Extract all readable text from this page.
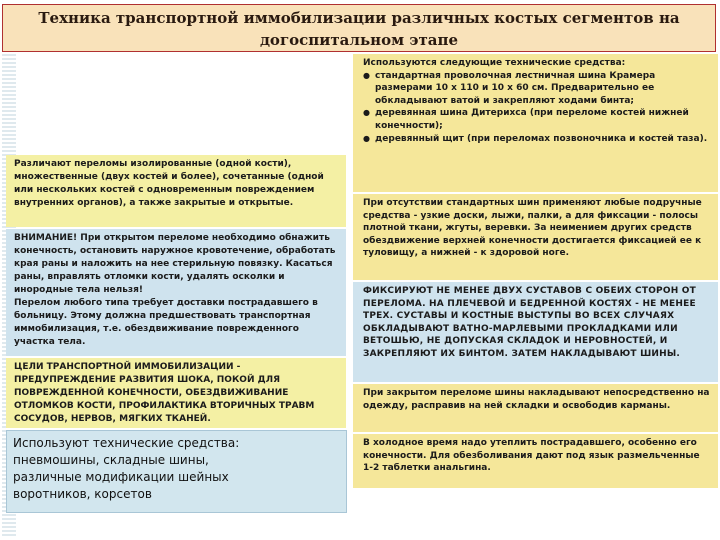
Техника транспортной иммобилизации различных костых сегментов на
догоспитальном этапе
Различают переломы изолированные (одной кости), множественные (двух костей и более), сочетанные (одной или нескольких костей с одновременным повреждением внутренних органов), а также закрытые и открытые.
ВНИМАНИЕ! При открытом переломе необходимо обнажить конечность, остановить наружное кровотечение, обработать края раны и наложить на нее стерильную повязку. Касаться раны, вправлять отломки кости, удалять осколки и инородные тела нельзя!
Перелом любого типа требует доставки пострадавшего в больницу. Этому должна предшествовать транспортная иммобилизация, т.е. обездвиживание поврежденного участка тела.
ЦЕЛИ ТРАНСПОРТНОЙ ИММОБИЛИЗАЦИИ - ПРЕДУПРЕЖДЕНИЕ РАЗВИТИЯ ШОКА, ПОКОЙ ДЛЯ ПОВРЕЖДЕННОЙ КОНЕЧНОСТИ, ОБЕЗДВИЖИВАНИЕ ОТЛОМКОВ КОСТИ, ПРОФИЛАКТИКА ВТОРИЧНЫХ ТРАВМ СОСУДОВ, НЕРВОВ, МЯГКИХ ТКАНЕЙ.
Используют технические средства:
пневмошины, складные шины,
различные модификации шейных
воротников, корсетов
Используются следующие технические средства:
● стандартная проволочная лестничная шина Крамера размерами 10 х 110 и 10 х 60 см. Предварительно ее обкладывают ватой и закрепляют ходами бинта;
● деревянная шина Дитерихса (при переломе костей нижней конечности);
● деревянный щит (при переломах позвоночника и костей таза).
При отсутствии стандартных шин применяют любые подручные средства - узкие доски, лыжи, палки, а для фиксации - полосы плотной ткани, жгуты, веревки. За неимением других средств обездвижение верхней конечности достигается фиксацией ее к туловищу, а нижней - к здоровой ноге.
ФИКСИРУЮТ НЕ МЕНЕЕ ДВУХ СУСТАВОВ С ОБЕИХ СТОРОН ОТ ПЕРЕЛОМА. НА ПЛЕЧЕВОЙ И БЕДРЕННОЙ КОСТЯХ - НЕ МЕНЕЕ ТРЕХ. СУСТАВЫ И КОСТНЫЕ ВЫСТУПЫ ВО ВСЕХ СЛУЧАЯХ ОБКЛАДЫВАЮТ ВАТНО-МАРЛЕВЫМИ ПРОКЛАДКАМИ ИЛИ ВЕТОШЬЮ, НЕ ДОПУСКАЯ СКЛАДОК И НЕРОВНОСТЕЙ, И ЗАКРЕПЛЯЮТ ИХ БИНТОМ. ЗАТЕМ НАКЛАДЫВАЮТ ШИНЫ.
При закрытом переломе шины накладывают непосредственно на одежду, расправив на ней складки и освободив карманы.
В холодное время надо утеплить пострадавшего, особенно его конечности. Для обезболивания дают под язык размельченные 1-2 таблетки анальгина.
